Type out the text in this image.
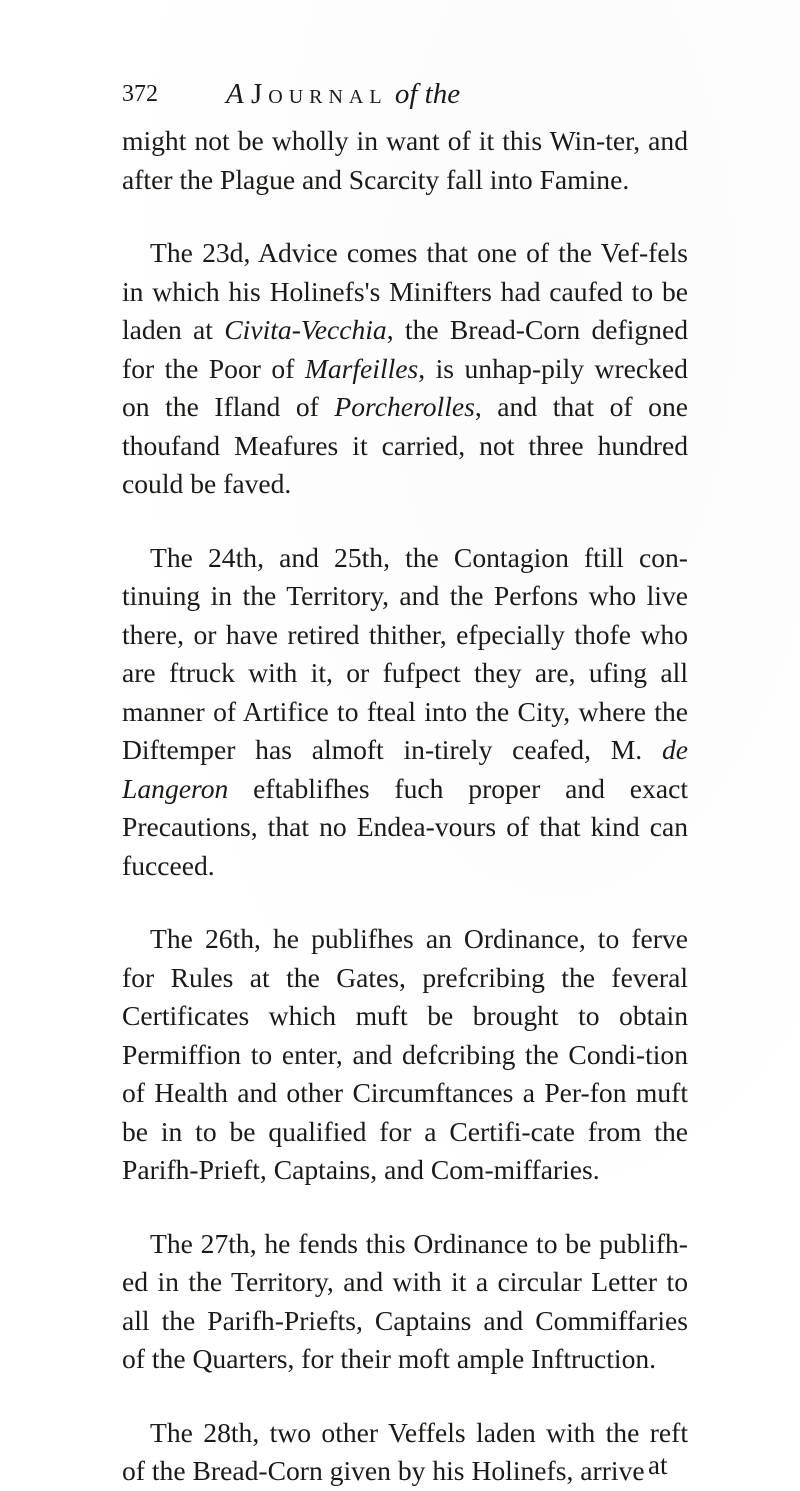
372 A Journal of the

might not be wholly in want of it this Win-ter, and after the Plague and Scarcity fall into Famine.

The 23d, Advice comes that one of the Vef-fels in which his Holinefs's Minifters had caufed to be laden at Civita-Vecchia, the Bread-Corn defigned for the Poor of Marfeilles, is unhap-pily wrecked on the Ifland of Porcherolles, and that of one thoufand Meafures it carried, not three hundred could be faved.

The 24th, and 25th, the Contagion ftill con-tinuing in the Territory, and the Perfons who live there, or have retired thither, efpecially thofe who are ftruck with it, or fufpect they are, ufing all manner of Artifice to fteal into the City, where the Diftemper has almoft in-tirely ceafed, M. de Langeron eftablifhes fuch proper and exact Precautions, that no Endea-vours of that kind can fucceed.

The 26th, he publifhes an Ordinance, to ferve for Rules at the Gates, prefcribing the feveral Certificates which muft be brought to obtain Permiffion to enter, and defcribing the Condi-tion of Health and other Circumftances a Per-fon muft be in to be qualified for a Certifi-cate from the Parifh-Prieft, Captains, and Com-miffaries.

The 27th, he fends this Ordinance to be publifh-ed in the Territory, and with it a circular Letter to all the Parifh-Priefts, Captains and Commiffaries of the Quarters, for their moft ample Inftruction.

The 28th, two other Veffels laden with the reft of the Bread-Corn given by his Holinefs, arrive at
